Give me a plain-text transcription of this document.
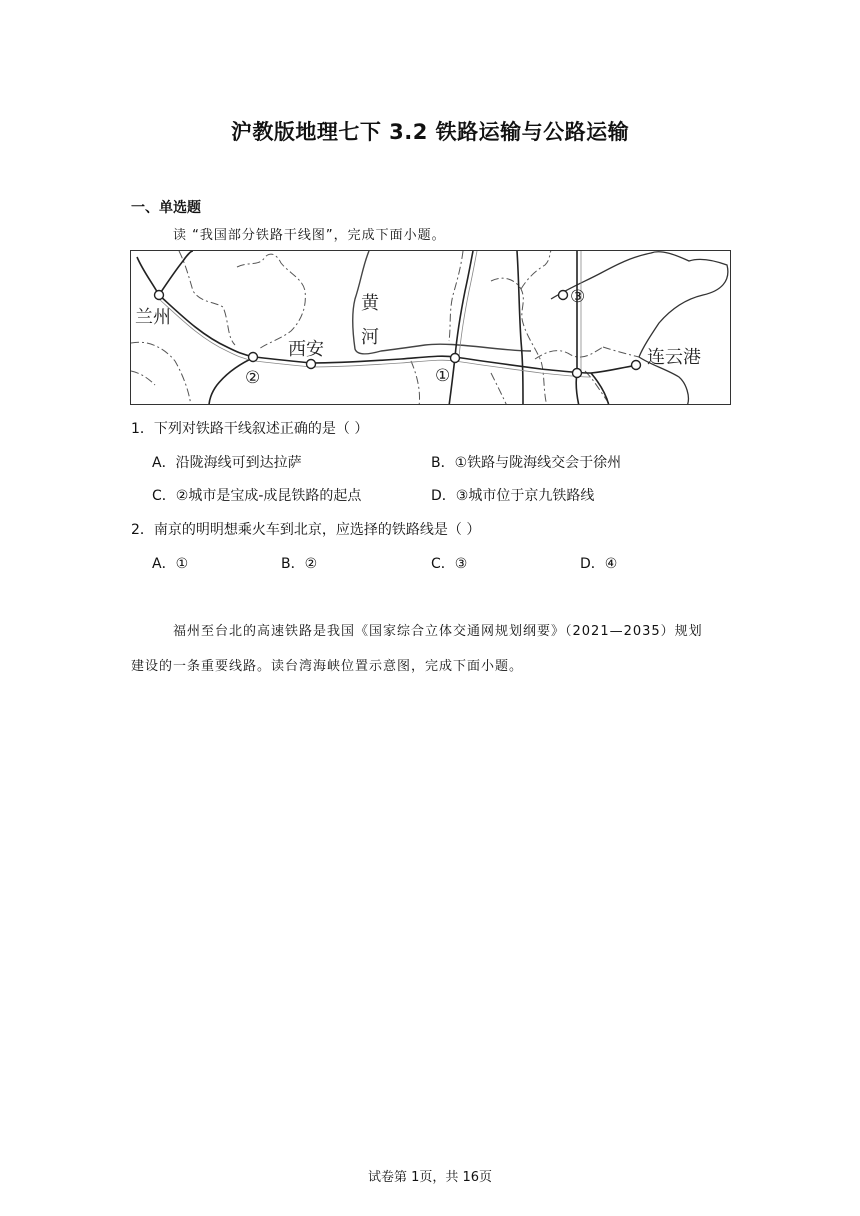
沪教版地理七下 3.2 铁路运输与公路运输
一、单选题
读 “我国部分铁路干线图”，完成下面小题。
兰州
西安
黄
河
连云港
②	①
③
1．下列对铁路干线叙述正确的是（ ）
A．沿陇海线可到达拉萨	B．①铁路与陇海线交会于徐州
C．②城市是宝成-成昆铁路的起点	D．③城市位于京九铁路线
2．南京的明明想乘火车到北京，应选择的铁路线是（ ）
A．①	B．②	C．③	D．④
福州至台北的高速铁路是我国《国家综合立体交通网规划纲要》（2021—2035）规划
建设的一条重要线路。读台湾海峡位置示意图，完成下面小题。
试卷第 1页，共 16页
